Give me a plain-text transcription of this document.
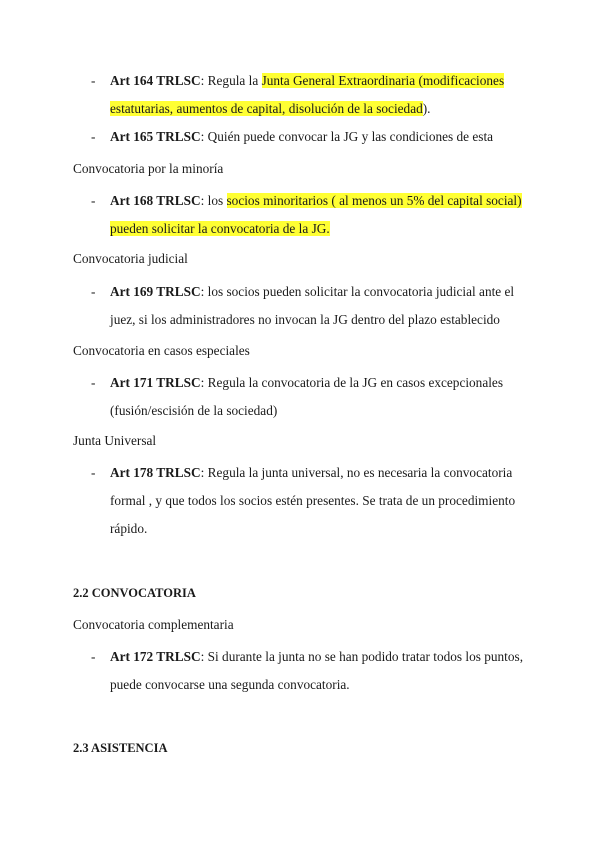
- Art 164 TRLSC: Regula la Junta General Extraordinaria (modificaciones
estatutarias, aumentos de capital, disolución de la sociedad).
- Art 165 TRLSC: Quién puede convocar la JG y las condiciones de esta
Convocatoria por la minoría
- Art 168 TRLSC: los socios minoritarios ( al menos un 5% del capital social)
pueden solicitar la convocatoria de la JG.
Convocatoria judicial
- Art 169 TRLSC: los socios pueden solicitar la convocatoria judicial ante el
juez, si los administradores no invocan la JG dentro del plazo establecido
Convocatoria en casos especiales
- Art 171 TRLSC: Regula la convocatoria de la JG en casos excepcionales
(fusión/escisión de la sociedad)
Junta Universal
- Art 178 TRLSC: Regula la junta universal, no es necesaria la convocatoria
formal , y que todos los socios estén presentes. Se trata de un procedimiento
rápido.
2.2 CONVOCATORIA
Convocatoria complementaria
- Art 172 TRLSC: Si durante la junta no se han podido tratar todos los puntos,
puede convocarse una segunda convocatoria.
2.3 ASISTENCIA
